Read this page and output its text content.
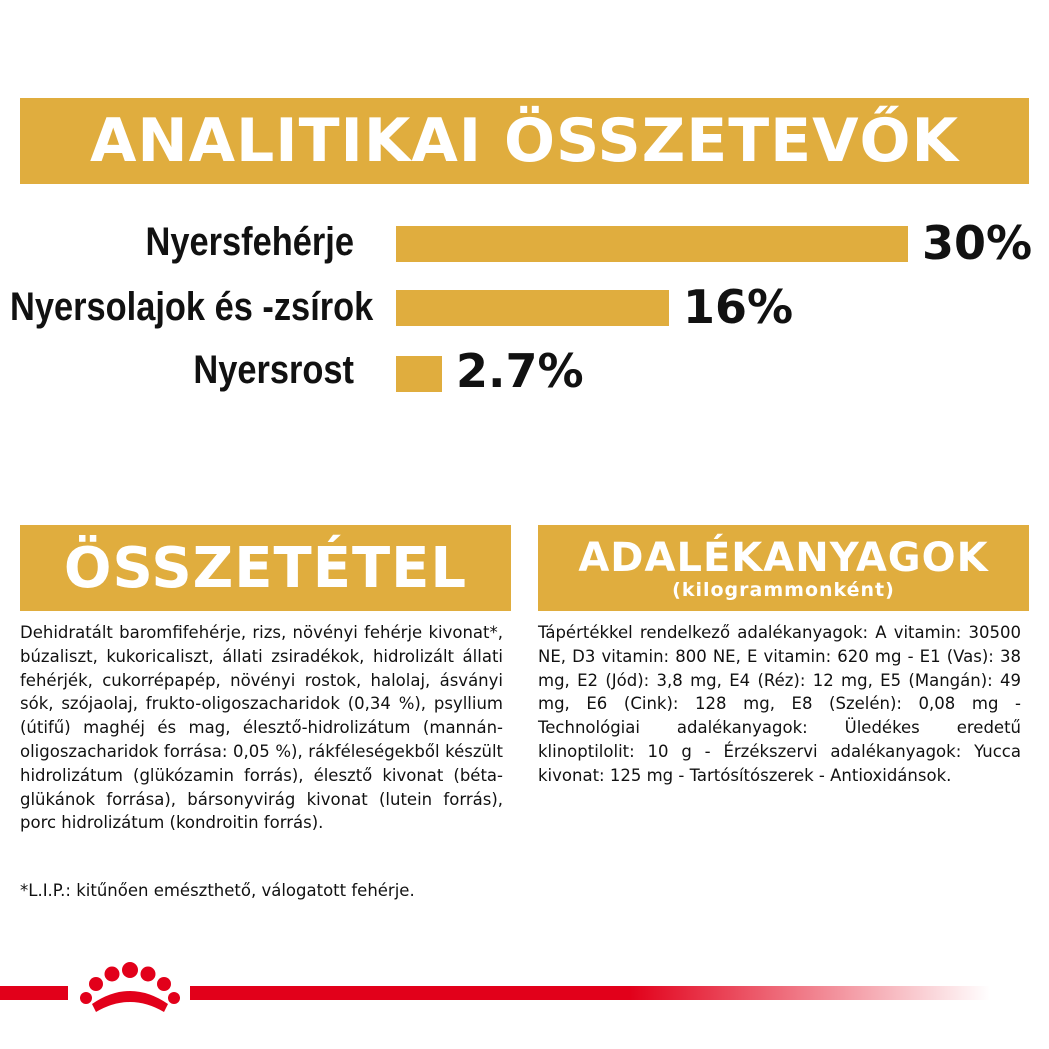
ANALITIKAI ÖSSZETEVŐK
Nyersfehérje	30%
Nyersolajok és -zsírok	16%
Nyersrost 2.7%
ÖSSZETÉTEL	ADALÉKANYAGOK
(kilogrammonként)
Dehidratált baromfifehérje, rizs, növényi fehérje kivonat*, búzaliszt, kukoricaliszt, állati zsiradékok, hidrolizált állati fehérjék, cukorrépapép, növényi rostok, halolaj, ásványi sók, szójaolaj, frukto-oligoszacharidok (0,34 %), psyllium (útifű) maghéj és mag, élesztő-hidrolizátum (mannán-oligoszacharidok forrása: 0,05 %), rákféleségekből készült hidrolizátum (glükózamin forrás), élesztő kivonat (béta-glükánok forrása), bársonyvirág kivonat (lutein forrás), porc hidrolizátum (kondroitin forrás).
*L.I.P.: kitűnően emészthető, válogatott fehérje.
Tápértékkel rendelkező adalékanyagok: A vitamin: 30500 NE, D3 vitamin: 800 NE, E vitamin: 620 mg - E1 (Vas): 38 mg, E2 (Jód): 3,8 mg, E4 (Réz): 12 mg, E5 (Mangán): 49 mg, E6 (Cink): 128 mg, E8 (Szelén): 0,08 mg - Technológiai adalékanyagok: Üledékes eredetű klinoptilolit: 10 g - Érzékszervi adalékanyagok: Yucca kivonat: 125 mg - Tartósítószerek - Antioxidánsok.
